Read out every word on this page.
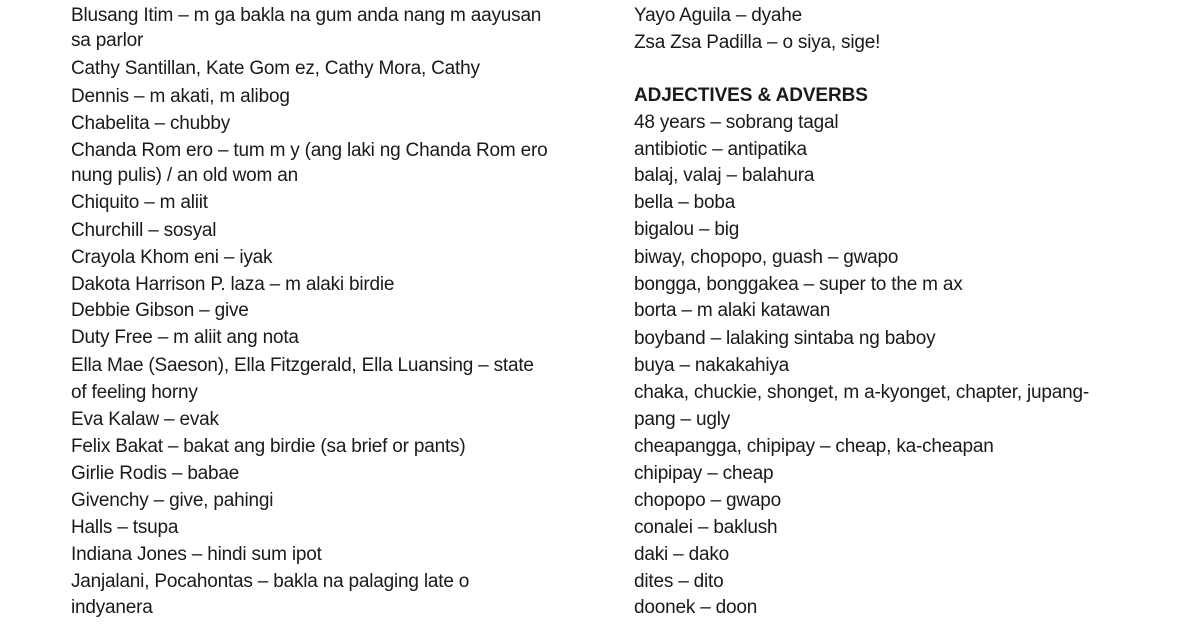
Blusang Itim – m ga bakla na gum anda nang m aayusan
sa parlor
Cathy Santillan, Kate Gom ez, Cathy Mora, Cathy
Dennis – m akati, m alibog
Chabelita – chubby
Chanda Rom ero – tum m y (ang laki ng Chanda Rom ero
nung pulis) / an old wom an
Chiquito – m aliit
Churchill – sosyal
Crayola Khom eni – iyak
Dakota Harrison P. laza – m alaki birdie
Debbie Gibson – give
Duty Free – m aliit ang nota
Ella Mae (Saeson), Ella Fitzgerald, Ella Luansing – state
of feeling horny
Eva Kalaw – evak
Felix Bakat – bakat ang birdie (sa brief or pants)
Girlie Rodis – babae
Givenchy – give, pahingi
Halls – tsupa
Indiana Jones – hindi sum ipot
Janjalani, Pocahontas – bakla na palaging late o
indyanera
Yayo Aguila – dyahe
Zsa Zsa Padilla – o siya, sige!
ADJECTIVES & ADVERBS
48 years – sobrang tagal
antibiotic – antipatika
balaj, valaj – balahura
bella – boba
bigalou – big
biway, chopopo, guash – gwapo
bongga, bonggakea – super to the m ax
borta – m alaki katawan
boyband – lalaking sintaba ng baboy
buya – nakakahiya
chaka, chuckie, shonget, m a-kyonget, chapter, jupang-
pang – ugly
cheapangga, chipipay – cheap, ka-cheapan
chipipay – cheap
chopopo – gwapo
conalei – baklush
daki – dako
dites – dito
doonek – doon
